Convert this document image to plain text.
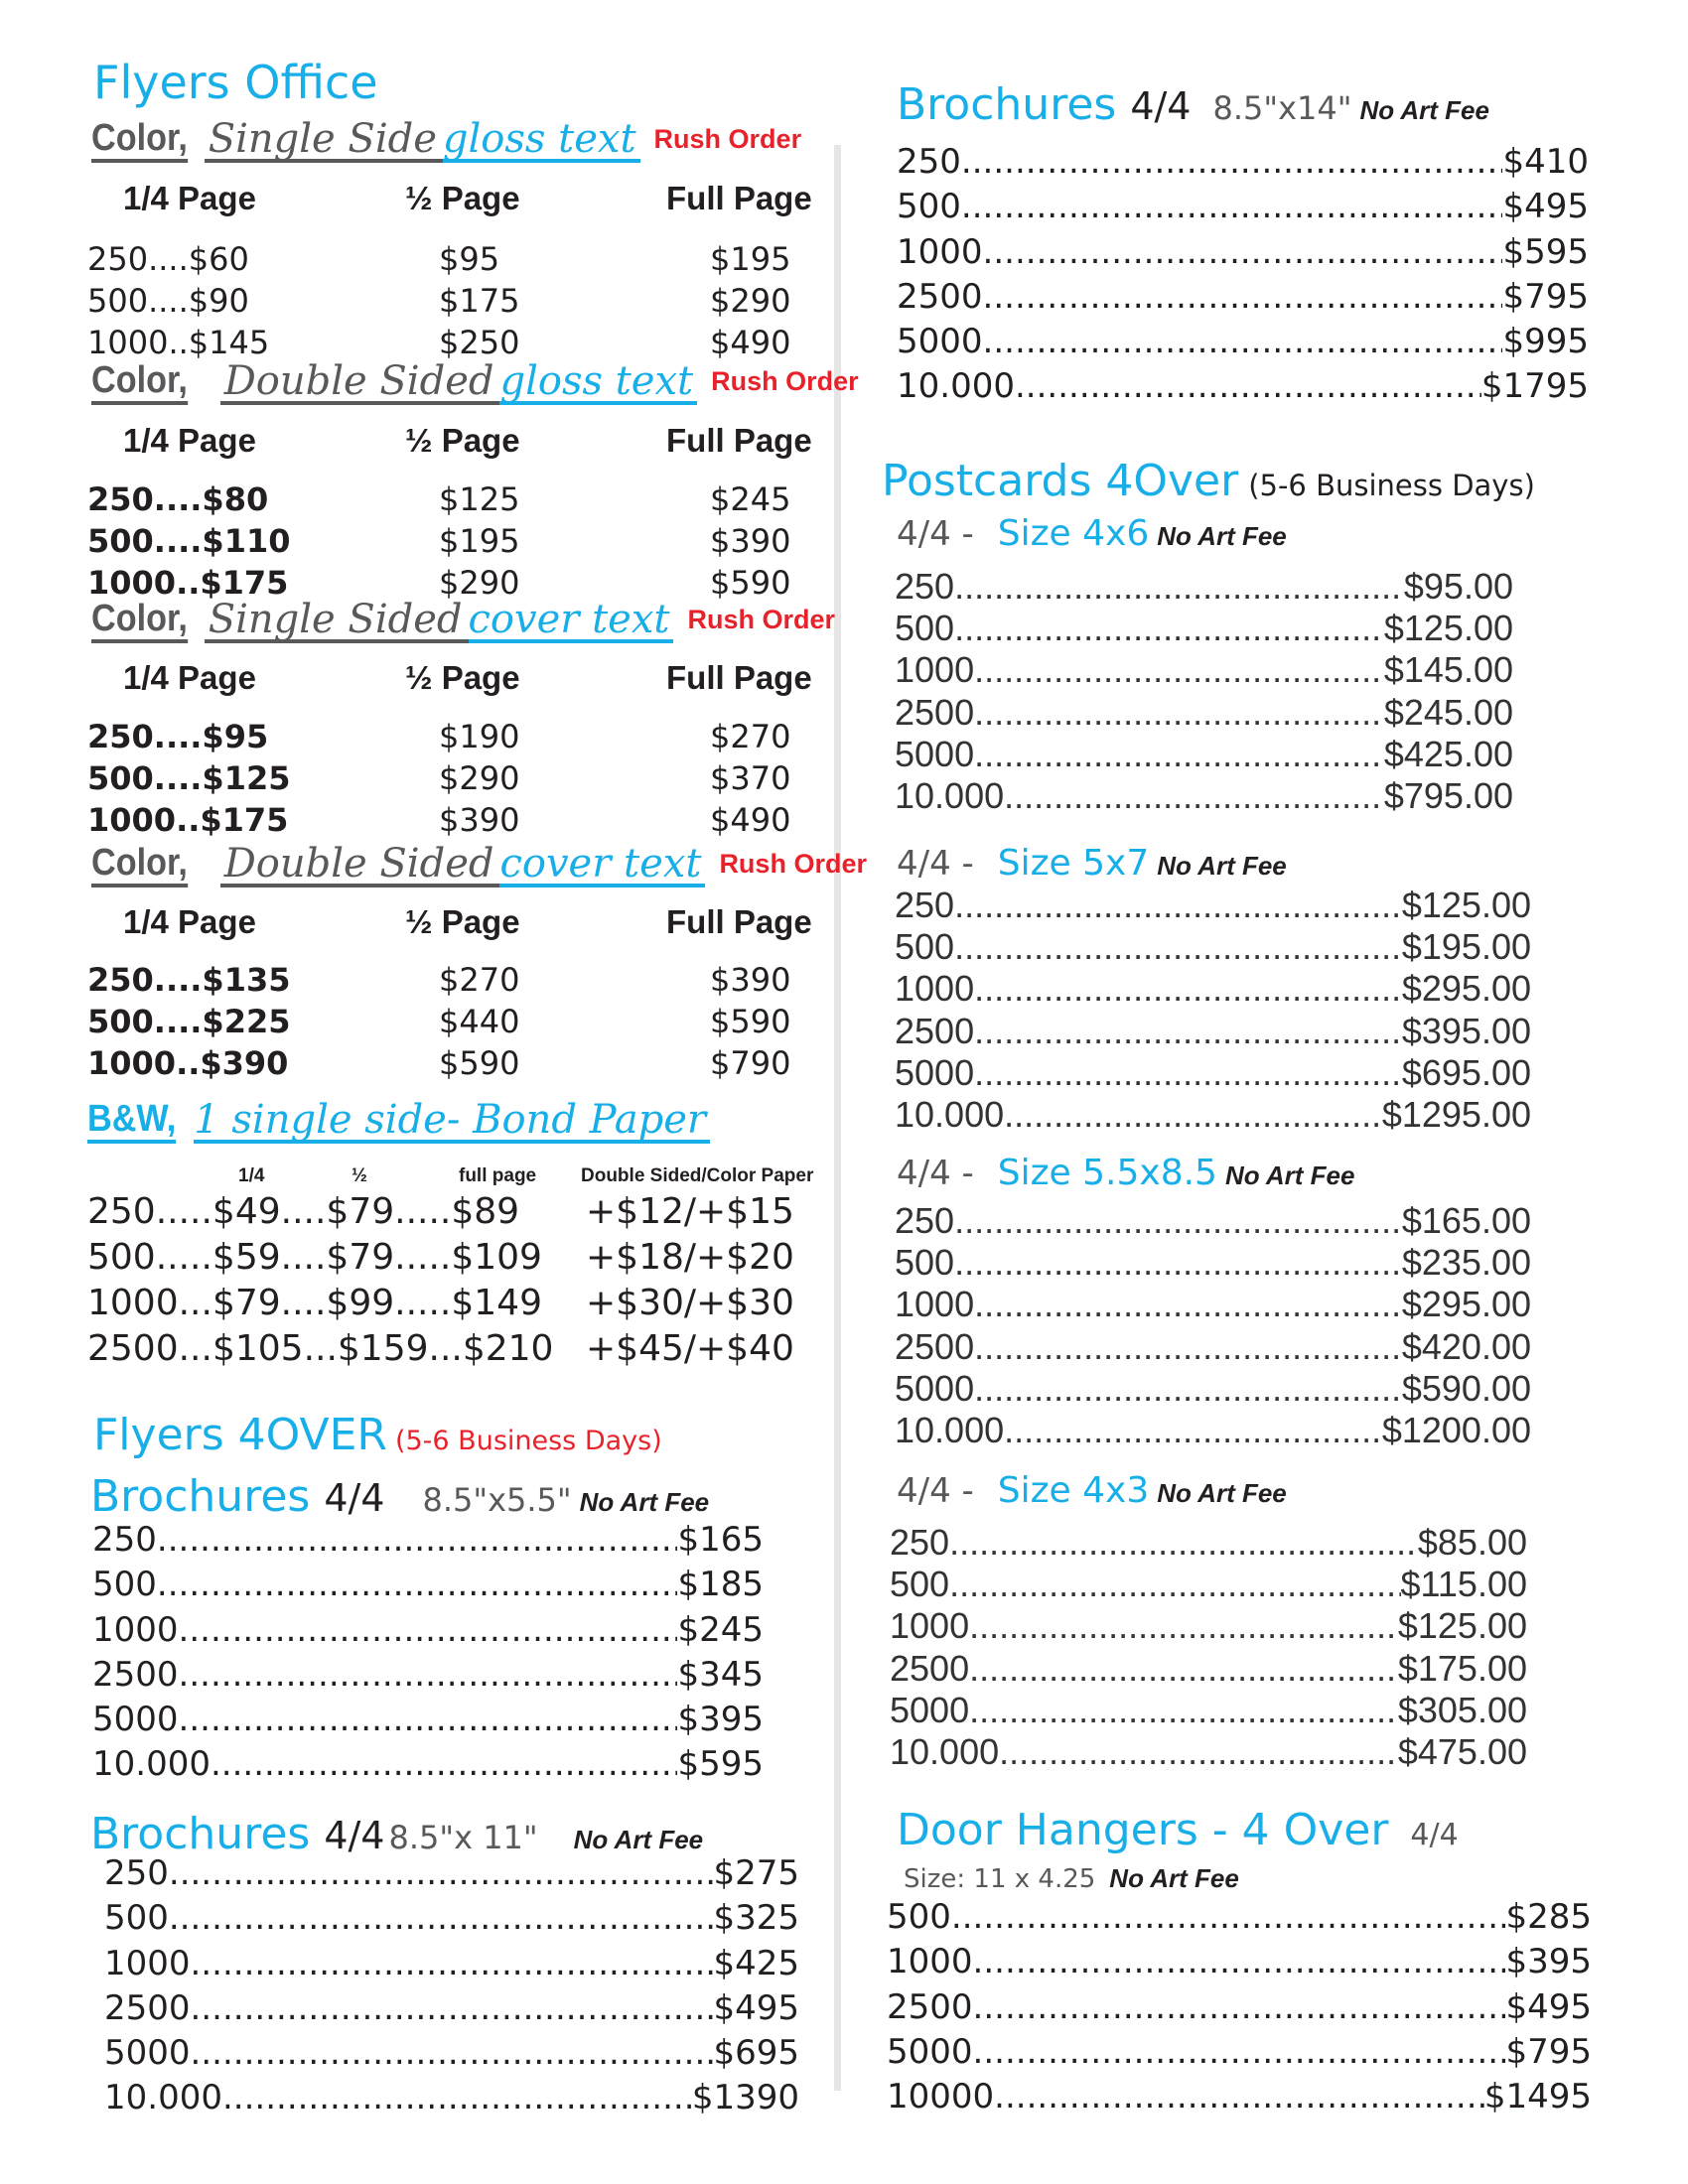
Flyers Office
Color, Single Side gloss text Rush Order
1/4 Page	½ Page	Full Page
250....$60	$95	$195
500....$90	$175	$290
1000..$145	$250	$490
Color, Double Sided gloss text Rush Order
1/4 Page	½ Page	Full Page
250....$80	$125	$245
500....$110	$195	$390
1000..$175	$290	$590
Color, Single Sided cover text Rush Order
1/4 Page	½ Page	Full Page
250....$95	$190	$270
500....$125	$290	$370
1000..$175	$390	$490
Color, Double Sided cover text Rush Order
1/4 Page	½ Page	Full Page
250....$135	$270	$390
500....$225	$440	$590
1000..$390	$590	$790
B&W, 1 single side- Bond Paper
1/4	½	full page Double Sided/Color Paper
250.....$49....$79.....$89 +$12/+$15
500.....$59....$79.....$109 +$18/+$20
1000...$79....$99.....$149 +$30/+$30
2500...$105...$159...$210 +$45/+$40
Flyers 4OVER (5-6 Business Days)
Brochures 4/4 8.5"x5.5" No Art Fee
250 .....	$165
500 .....	$185
1000 .....	$245
2500 .....	$345
5000 .....	$395
10.000 .....	$595
Brochures 4/4 8.5"x 11" No Art Fee
250 .....	$275
500 .....	$325
1000 .....	$425
2500 .....	$495
5000 .....	$695
10.000 .....	$1390
Brochures 4/4 8.5"x14" No Art Fee
250 .....	$410
500 .....	$495
1000 .....	$595
2500 .....	$795
5000 .....	$995
10.000 .....	$1795
Postcards 4Over (5-6 Business Days)
4/4 - Size 4x6 No Art Fee
250 .....	$95.00
500 .....	$125.00
1000 .....	$145.00
2500 .....	$245.00
5000 .....	$425.00
10.000 .....	$795.00
4/4 - Size 5x7 No Art Fee
250 .....	$125.00
500 .....	$195.00
1000 .....	$295.00
2500 .....	$395.00
5000 .....	$695.00
10.000 .....	$1295.00
4/4 - Size 5.5x8.5 No Art Fee
250 .....	$165.00
500 .....	$235.00
1000 .....	$295.00
2500 .....	$420.00
5000 .....	$590.00
10.000 .....	$1200.00
4/4 - Size 4x3 No Art Fee
250 .....	$85.00
500 .....	$115.00
1000 .....	$125.00
2500 .....	$175.00
5000 .....	$305.00
10.000 .....	$475.00
Door Hangers - 4 Over 4/4
Size: 11 x 4.25 No Art Fee
500 .....	$285
1000 .....	$395
2500 .....	$495
5000 .....	$795
10000 .....	$1495
